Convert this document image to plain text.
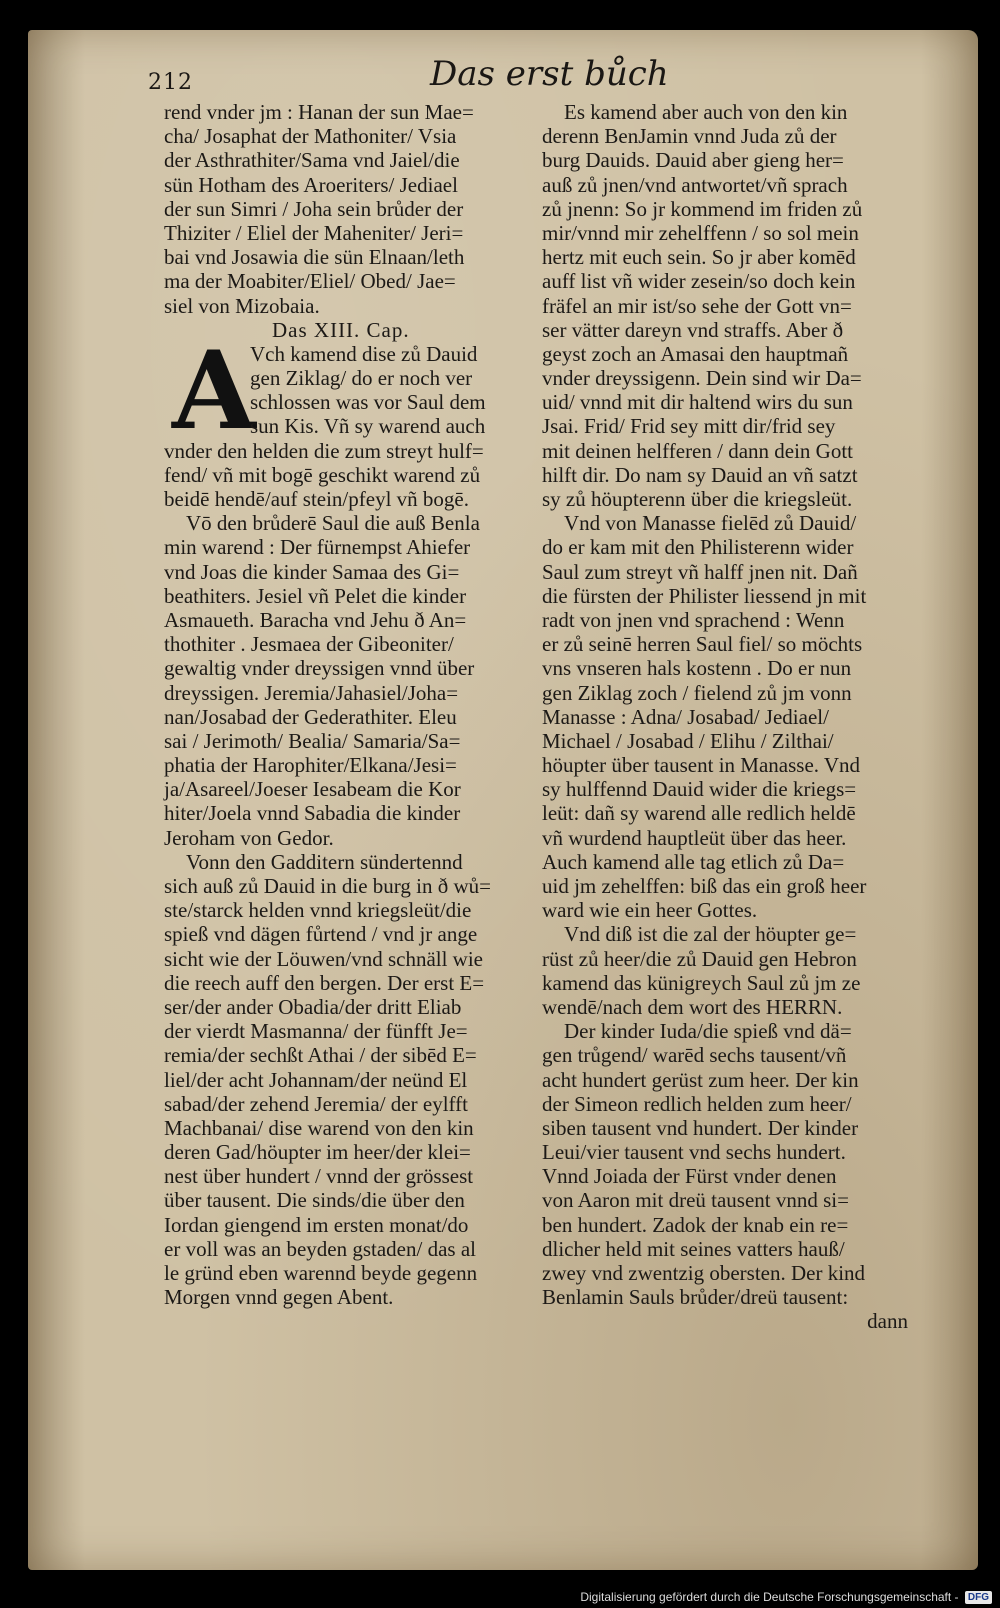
212	Das erst bůch
rend vnder jm : Hanan der sun Mae=
cha/ Josaphat der Mathoniter/ Vsia
der Asthrathiter/Sama vnd Jaiel/die
sün Hotham des Aroeriters/ Jediael
der sun Simri / Joha sein brůder der
Thiziter / Eliel der Maheniter/ Jeri=
bai vnd Josawia die sün Elnaan/leth
ma der Moabiter/Eliel/ Obed/ Jae=
siel von Mizobaia.
Das XIII. Cap.
A
Vch kamend dise zů Dauid
gen Ziklag/ do er noch ver
schlossen was vor Saul dem
sun Kis. Vñ sy warend auch
vnder den helden die zum streyt hulf=
fend/ vñ mit bogē geschikt warend zů
beidē hendē/auf stein/pfeyl vñ bogē.
Vō den brůderē Saul die auß Benla
min warend : Der fürnempst Ahiefer
vnd Joas die kinder Samaa des Gi=
beathiters. Jesiel vñ Pelet die kinder
Asmaueth. Baracha vnd Jehu ð An=
thothiter . Jesmaea der Gibeoniter/
gewaltig vnder dreyssigen vnnd über
dreyssigen. Jeremia/Jahasiel/Joha=
nan/Josabad der Gederathiter. Eleu
sai / Jerimoth/ Bealia/ Samaria/Sa=
phatia der Harophiter/Elkana/Jesi=
ja/Asareel/Joeser Iesabeam die Kor
hiter/Joela vnnd Sabadia die kinder
Jeroham von Gedor.
Vonn den Gadditern sündertennd
sich auß zů Dauid in die burg in ð wů=
ste/starck helden vnnd kriegsleüt/die
spieß vnd dägen fůrtend / vnd jr ange
sicht wie der Löuwen/vnd schnäll wie
die reech auff den bergen. Der erst E=
ser/der ander Obadia/der dritt Eliab
der vierdt Masmanna/ der fünfft Je=
remia/der sechßt Athai / der sibēd E=
liel/der acht Johannam/der neünd El
sabad/der zehend Jeremia/ der eylfft
Machbanai/ dise warend von den kin
deren Gad/höupter im heer/der klei=
nest über hundert / vnnd der grössest
über tausent. Die sinds/die über den
Iordan giengend im ersten monat/do
er voll was an beyden gstaden/ das al
le gründ eben warennd beyde gegenn
Morgen vnnd gegen Abent.
Es kamend aber auch von den kin
derenn BenJamin vnnd Juda zů der
burg Dauids. Dauid aber gieng her=
auß zů jnen/vnd antwortet/vñ sprach
zů jnenn: So jr kommend im friden zů
mir/vnnd mir zehelffenn / so sol mein
hertz mit euch sein. So jr aber komēd
auff list vñ wider zesein/so doch kein
fräfel an mir ist/so sehe der Gott vn=
ser vätter dareyn vnd straffs. Aber ð
geyst zoch an Amasai den hauptmañ
vnder dreyssigenn. Dein sind wir Da=
uid/ vnnd mit dir haltend wirs du sun
Jsai. Frid/ Frid sey mitt dir/frid sey
mit deinen helfferen / dann dein Gott
hilft dir. Do nam sy Dauid an vñ satzt
sy zů höupterenn über die kriegsleüt.
Vnd von Manasse fielēd zů Dauid/
do er kam mit den Philisterenn wider
Saul zum streyt vñ halff jnen nit. Dañ
die fürsten der Philister liessend jn mit
radt von jnen vnd sprachend : Wenn
er zů seinē herren Saul fiel/ so möchts
vns vnseren hals kostenn . Do er nun
gen Ziklag zoch / fielend zů jm vonn
Manasse : Adna/ Josabad/ Jediael/
Michael / Josabad / Elihu / Zilthai/
höupter über tausent in Manasse. Vnd
sy hulffennd Dauid wider die kriegs=
leüt: dañ sy warend alle redlich heldē
vñ wurdend hauptleüt über das heer.
Auch kamend alle tag etlich zů Da=
uid jm zehelffen: biß das ein groß heer
ward wie ein heer Gottes.
Vnd diß ist die zal der höupter ge=
rüst zů heer/die zů Dauid gen Hebron
kamend das künigreych Saul zů jm ze
wendē/nach dem wort des HERRN.
Der kinder Iuda/die spieß vnd dä=
gen trůgend/ warēd sechs tausent/vñ
acht hundert gerüst zum heer. Der kin
der Simeon redlich helden zum heer/
siben tausent vnd hundert. Der kinder
Leui/vier tausent vnd sechs hundert.
Vnnd Joiada der Fürst vnder denen
von Aaron mit dreü tausent vnnd si=
ben hundert. Zadok der knab ein re=
dlicher held mit seines vatters hauß/
zwey vnd zwentzig obersten. Der kind
Benlamin Sauls brůder/dreü tausent:
dann
Digitalisierung gefördert durch die Deutsche Forschungsgemeinschaft - DFG
